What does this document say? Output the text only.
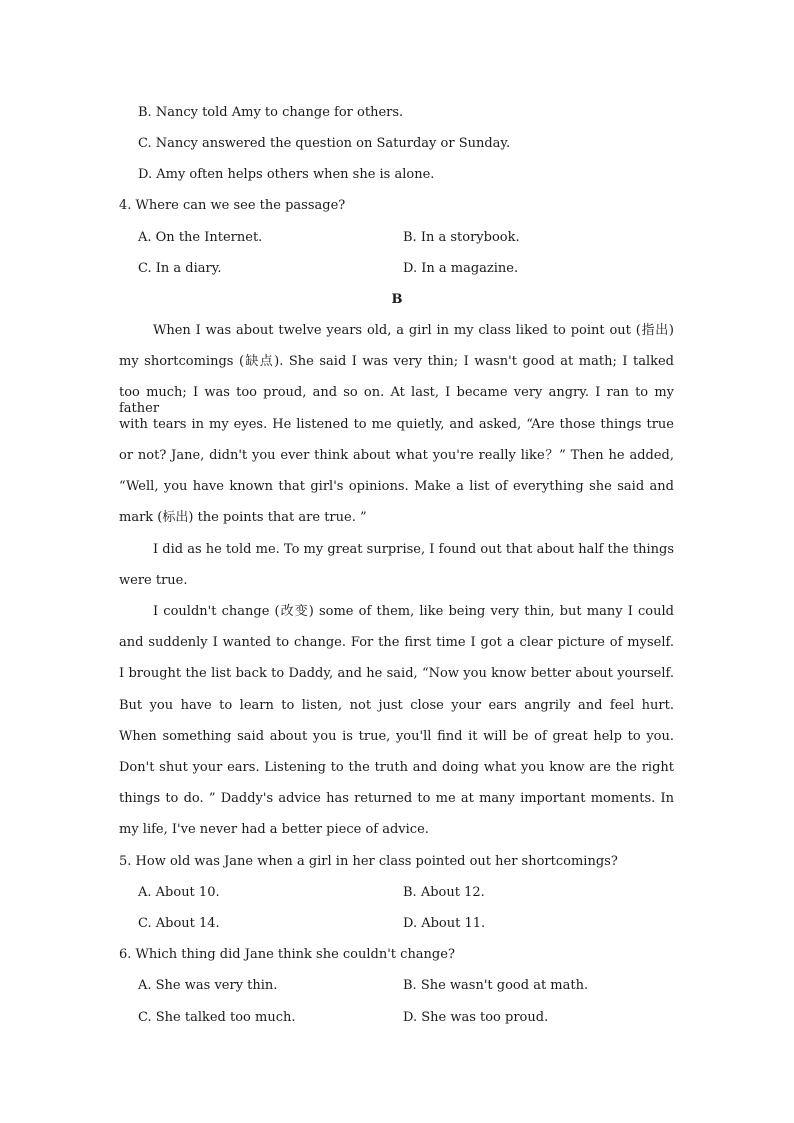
B. Nancy told Amy to change for others.
C. Nancy answered the question on Saturday or Sunday.
D. Amy often helps others when she is alone.
4. Where can we see the passage?
A. On the Internet.	B. In a storybook.
C. In a diary.	D. In a magazine.
B
When I was about twelve years old, a girl in my class liked to point out (指出)
my shortcomings (缺点). She said I was very thin; I wasn't good at math; I talked
too much; I was too proud, and so on. At last, I became very angry. I ran to my father
with tears in my eyes. He listened to me quietly, and asked, “Are those things true
or not? Jane, didn't you ever think about what you're really like？” Then he added,
“Well, you have known that girl's opinions. Make a list of everything she said and
mark (标出) the points that are true. ”
I did as he told me. To my great surprise, I found out that about half the things
were true.
I couldn't change (改变) some of them, like being very thin, but many I could
and suddenly I wanted to change. For the first time I got a clear picture of myself.
I brought the list back to Daddy, and he said, “Now you know better about yourself.
But you have to learn to listen, not just close your ears angrily and feel hurt.
When something said about you is true, you'll find it will be of great help to you.
Don't shut your ears. Listening to the truth and doing what you know are the right
things to do. ” Daddy's advice has returned to me at many important moments. In
my life, I've never had a better piece of advice.
5. How old was Jane when a girl in her class pointed out her shortcomings?
A. About 10.	B. About 12.
C. About 14.	D. About 11.
6. Which thing did Jane think she couldn't change?
A. She was very thin.	B. She wasn't good at math.
C. She talked too much.	D. She was too proud.
